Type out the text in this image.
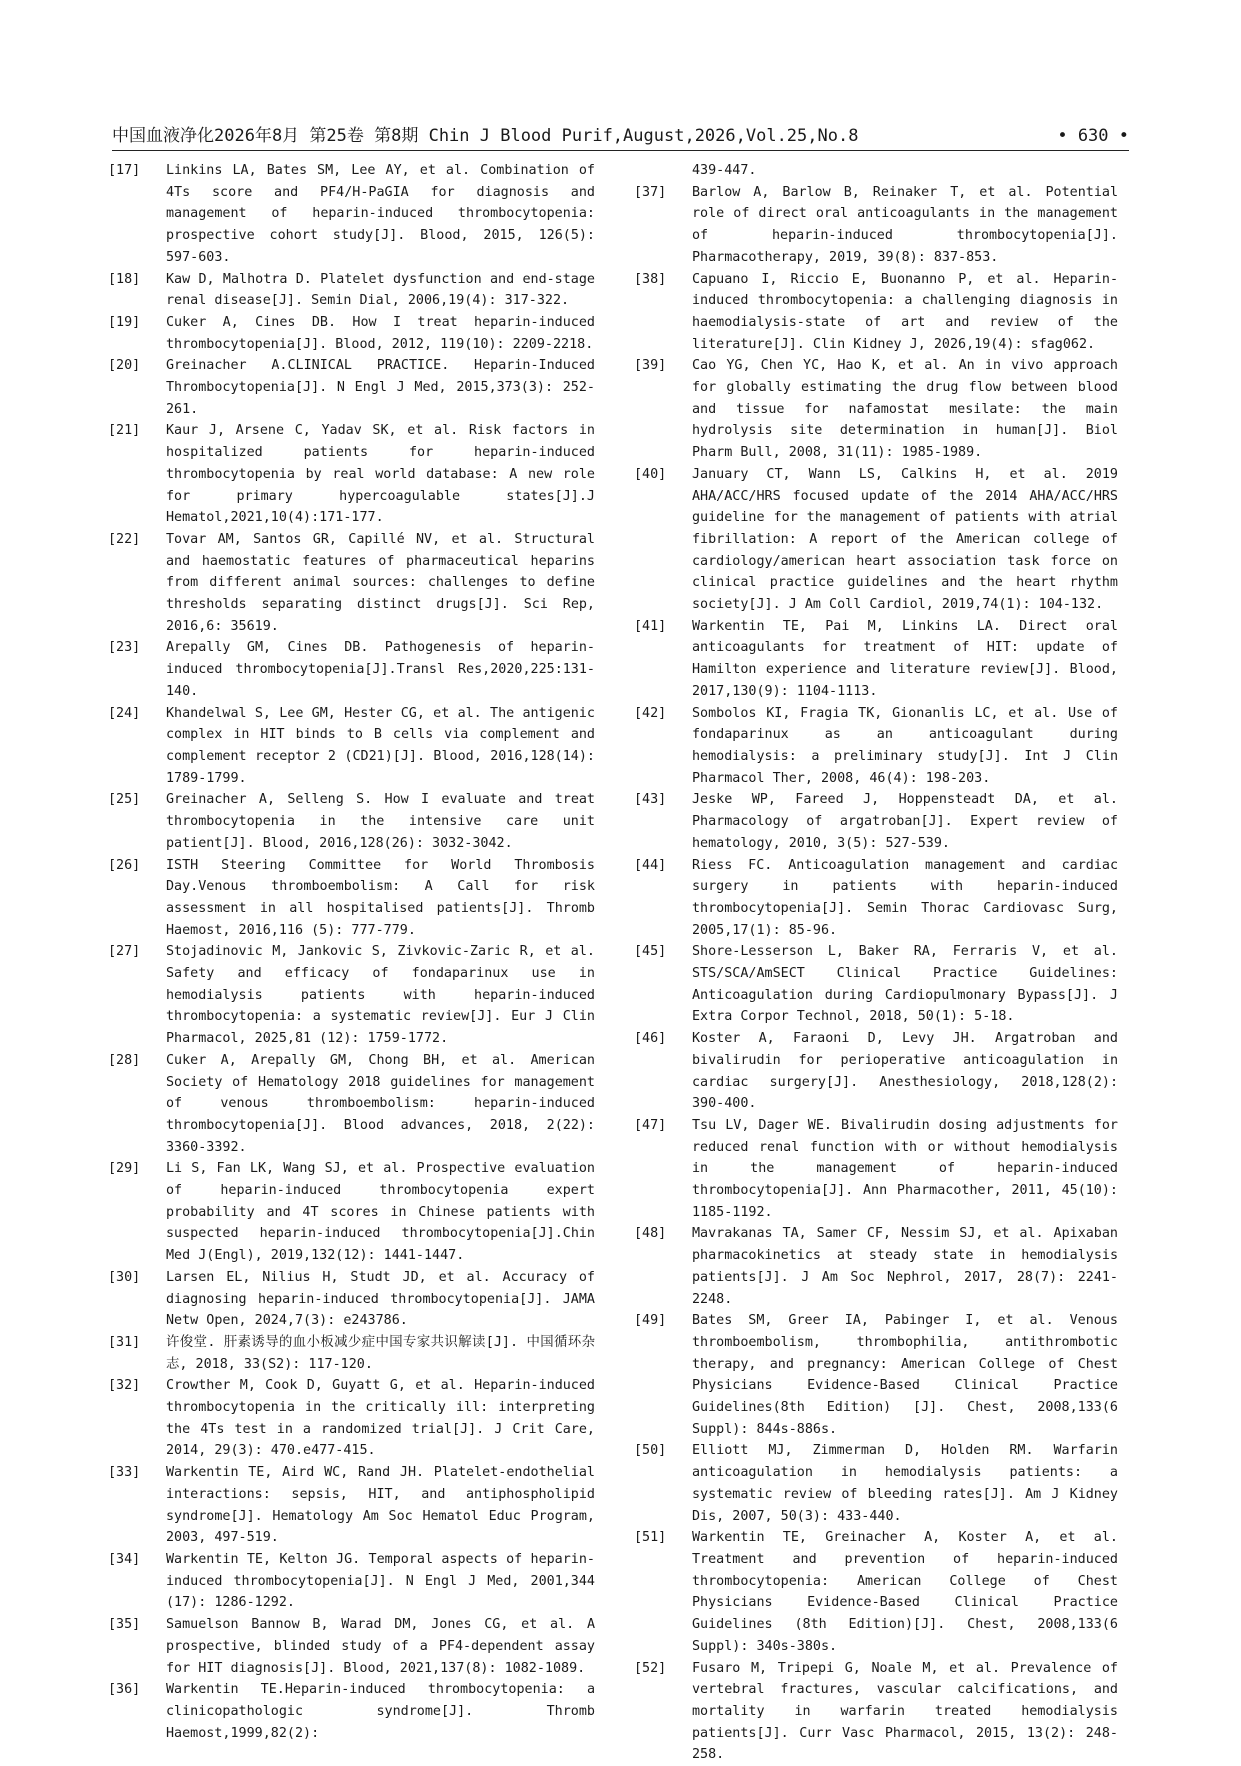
中国血液净化2026年8月 第25卷 第8期 Chin J Blood Purif,August,2026,Vol.25,No.8	• 630 •
[17] Linkins LA, Bates SM, Lee AY, et al. Combination of 4Ts score and PF4/H-PaGIA for diagnosis and management of heparin-induced thrombocytopenia: prospective cohort study[J]. Blood, 2015, 126(5): 597-603.
[18] Kaw D, Malhotra D. Platelet dysfunction and end-stage renal disease[J]. Semin Dial, 2006,19(4): 317-322.
[19] Cuker A, Cines DB. How I treat heparin-induced thrombocytopenia[J]. Blood, 2012, 119(10): 2209-2218.
[20] Greinacher A.CLINICAL PRACTICE. Heparin-Induced Thrombocytopenia[J]. N Engl J Med, 2015,373(3): 252-261.
[21] Kaur J, Arsene C, Yadav SK, et al. Risk factors in hospitalized patients for heparin-induced thrombocytopenia by real world database: A new role for primary hypercoagulable states[J].J Hematol,2021,10(4):171-177.
[22] Tovar AM, Santos GR, Capillé NV, et al. Structural and haemostatic features of pharmaceutical heparins from different animal sources: challenges to define thresholds separating distinct drugs[J]. Sci Rep, 2016,6: 35619.
[23] Arepally GM, Cines DB. Pathogenesis of heparin-induced thrombocytopenia[J].Transl Res,2020,225:131-140.
[24] Khandelwal S, Lee GM, Hester CG, et al. The antigenic complex in HIT binds to B cells via complement and complement receptor 2 (CD21)[J]. Blood, 2016,128(14): 1789-1799.
[25] Greinacher A, Selleng S. How I evaluate and treat thrombocytopenia in the intensive care unit patient[J]. Blood, 2016,128(26): 3032-3042.
[26] ISTH Steering Committee for World Thrombosis Day.Venous thromboembolism: A Call for risk assessment in all hospitalised patients[J]. Thromb Haemost, 2016,116 (5): 777-779.
[27] Stojadinovic M, Jankovic S, Zivkovic-Zaric R, et al. Safety and efficacy of fondaparinux use in hemodialysis patients with heparin-induced thrombocytopenia: a systematic review[J]. Eur J Clin Pharmacol, 2025,81 (12): 1759-1772.
[28] Cuker A, Arepally GM, Chong BH, et al. American Society of Hematology 2018 guidelines for management of venous thromboembolism: heparin-induced thrombocytopenia[J]. Blood advances, 2018, 2(22): 3360-3392.
[29] Li S, Fan LK, Wang SJ, et al. Prospective evaluation of heparin-induced thrombocytopenia expert probability and 4T scores in Chinese patients with suspected heparin-induced thrombocytopenia[J].Chin Med J(Engl), 2019,132(12): 1441-1447.
[30] Larsen EL, Nilius H, Studt JD, et al. Accuracy of diagnosing heparin-induced thrombocytopenia[J]. JAMA Netw Open, 2024,7(3): e243786.
[31] 许俊堂. 肝素诱导的血小板减少症中国专家共识解读[J]. 中国循环杂志, 2018, 33(S2): 117-120.
[32] Crowther M, Cook D, Guyatt G, et al. Heparin-induced thrombocytopenia in the critically ill: interpreting the 4Ts test in a randomized trial[J]. J Crit Care, 2014, 29(3): 470.e477-415.
[33] Warkentin TE, Aird WC, Rand JH. Platelet-endothelial interactions: sepsis, HIT, and antiphospholipid syndrome[J]. Hematology Am Soc Hematol Educ Program, 2003, 497-519.
[34] Warkentin TE, Kelton JG. Temporal aspects of heparin-induced thrombocytopenia[J]. N Engl J Med, 2001,344 (17): 1286-1292.
[35] Samuelson Bannow B, Warad DM, Jones CG, et al. A prospective, blinded study of a PF4-dependent assay for HIT diagnosis[J]. Blood, 2021,137(8): 1082-1089.
[36] Warkentin TE.Heparin-induced thrombocytopenia: a clinicopathologic syndrome[J]. Thromb Haemost,1999,82(2):
439-447.
[37] Barlow A, Barlow B, Reinaker T, et al. Potential role of direct oral anticoagulants in the management of heparin-induced thrombocytopenia[J]. Pharmacotherapy, 2019, 39(8): 837-853.
[38] Capuano I, Riccio E, Buonanno P, et al. Heparin-induced thrombocytopenia: a challenging diagnosis in haemodialysis-state of art and review of the literature[J]. Clin Kidney J, 2026,19(4): sfag062.
[39] Cao YG, Chen YC, Hao K, et al. An in vivo approach for globally estimating the drug flow between blood and tissue for nafamostat mesilate: the main hydrolysis site determination in human[J]. Biol Pharm Bull, 2008, 31(11): 1985-1989.
[40] January CT, Wann LS, Calkins H, et al. 2019 AHA/ACC/HRS focused update of the 2014 AHA/ACC/HRS guideline for the management of patients with atrial fibrillation: A report of the American college of cardiology/american heart association task force on clinical practice guidelines and the heart rhythm society[J]. J Am Coll Cardiol, 2019,74(1): 104-132.
[41] Warkentin TE, Pai M, Linkins LA. Direct oral anticoagulants for treatment of HIT: update of Hamilton experience and literature review[J]. Blood, 2017,130(9): 1104-1113.
[42] Sombolos KI, Fragia TK, Gionanlis LC, et al. Use of fondaparinux as an anticoagulant during hemodialysis: a preliminary study[J]. Int J Clin Pharmacol Ther, 2008, 46(4): 198-203.
[43] Jeske WP, Fareed J, Hoppensteadt DA, et al. Pharmacology of argatroban[J]. Expert review of hematology, 2010, 3(5): 527-539.
[44] Riess FC. Anticoagulation management and cardiac surgery in patients with heparin-induced thrombocytopenia[J]. Semin Thorac Cardiovasc Surg, 2005,17(1): 85-96.
[45] Shore-Lesserson L, Baker RA, Ferraris V, et al. STS/SCA/AmSECT Clinical Practice Guidelines: Anticoagulation during Cardiopulmonary Bypass[J]. J Extra Corpor Technol, 2018, 50(1): 5-18.
[46] Koster A, Faraoni D, Levy JH. Argatroban and bivalirudin for perioperative anticoagulation in cardiac surgery[J]. Anesthesiology, 2018,128(2): 390-400.
[47] Tsu LV, Dager WE. Bivalirudin dosing adjustments for reduced renal function with or without hemodialysis in the management of heparin-induced thrombocytopenia[J]. Ann Pharmacother, 2011, 45(10): 1185-1192.
[48] Mavrakanas TA, Samer CF, Nessim SJ, et al. Apixaban pharmacokinetics at steady state in hemodialysis patients[J]. J Am Soc Nephrol, 2017, 28(7): 2241-2248.
[49] Bates SM, Greer IA, Pabinger I, et al. Venous thromboembolism, thrombophilia, antithrombotic therapy, and pregnancy: American College of Chest Physicians Evidence-Based Clinical Practice Guidelines(8th Edition) [J]. Chest, 2008,133(6 Suppl): 844s-886s.
[50] Elliott MJ, Zimmerman D, Holden RM. Warfarin anticoagulation in hemodialysis patients: a systematic review of bleeding rates[J]. Am J Kidney Dis, 2007, 50(3): 433-440.
[51] Warkentin TE, Greinacher A, Koster A, et al. Treatment and prevention of heparin-induced thrombocytopenia: American College of Chest Physicians Evidence-Based Clinical Practice Guidelines (8th Edition)[J]. Chest, 2008,133(6 Suppl): 340s-380s.
[52] Fusaro M, Tripepi G, Noale M, et al. Prevalence of vertebral fractures, vascular calcifications, and mortality in warfarin treated hemodialysis patients[J]. Curr Vasc Pharmacol, 2015, 13(2): 248-258.
